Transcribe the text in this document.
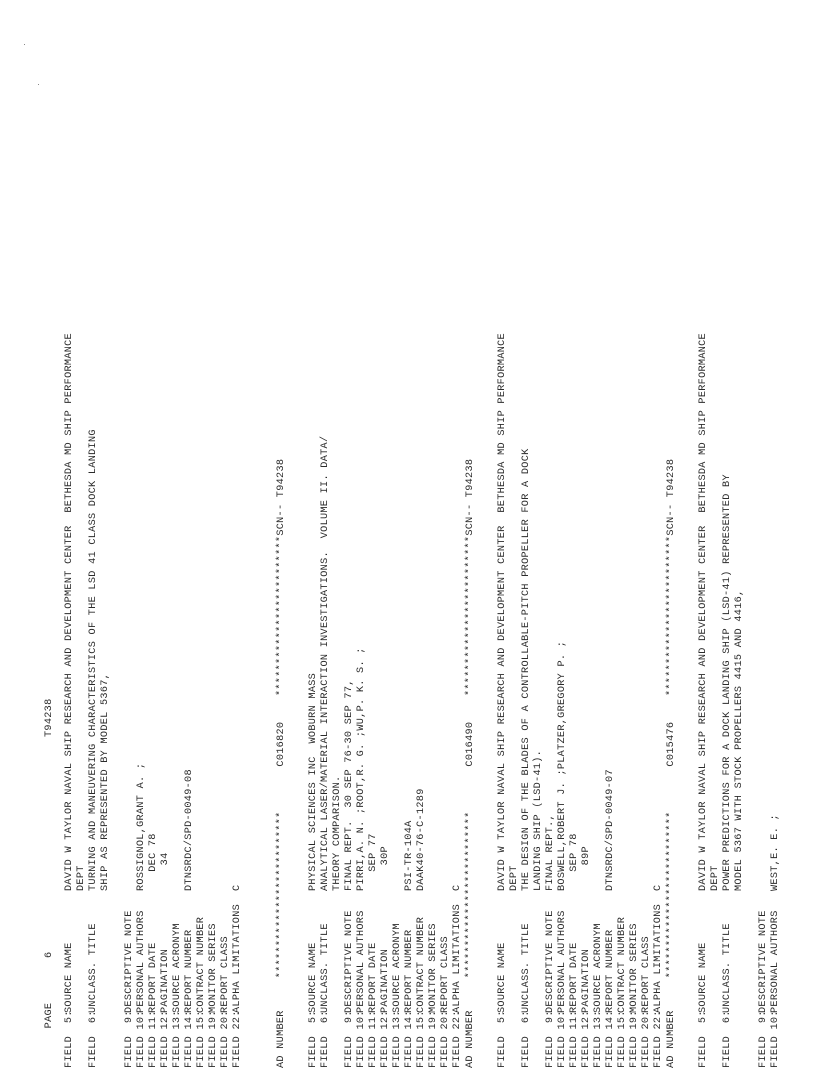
PAGE
6
T94238

FIELD  5:
SOURCE NAME
DAVID W TAYLOR NAVAL SHIP RESEARCH AND DEVELOPMENT CENTER  BETHESDA MD SHIP PERFORMANCE DEPT
FIELD  6:
UNCLASS. TITLE
TURNING AND MANEUVERING CHARACTERISTICS OF THE LSD 41 CLASS DOCK LANDING SHIP AS REPRESENTED BY MODEL 5367,
FIELD  9:
DESCRIPTIVE NOTE
FIELD 10:
PERSONAL AUTHORS
ROSSIGNOL,GRANT A. ;
FIELD 11:
REPORT DATE
DEC 78
FIELD 12:
PAGINATION
34
FIELD 13:
SOURCE ACRONYM
FIELD 14:
REPORT NUMBER
DTNSRDC/SPD-0049-08
FIELD 15:
CONTRACT NUMBER
FIELD 19:
MONITOR SERIES
FIELD 20:
REPORT CLASS
FIELD 22:
ALPHA LIMITATIONS
C	AD NUMBER     **************************       C016820    *************************SCN-- T94238 FIELD  5:
SOURCE NAME
PHYSICAL SCIENCES INC  WOBURN MASS
FIELD  6:
UNCLASS. TITLE
ANALYTICAL LASER/MATERIAL INTERACTION INVESTIGATIONS.  VOLUME II. DATA/ THEORY COMPARISON.
FIELD  9:
DESCRIPTIVE NOTE
FINAL REPT.  30 SEP 76-30 SEP 77,
FIELD 10:
PERSONAL AUTHORS
PIRRI,A. N. ;ROOT,R. G. ;WU,P. K. S. ;
FIELD 11:
REPORT DATE
SEP 77
FIELD 12:
PAGINATION
30P
FIELD 13:
SOURCE ACRONYM
FIELD 14:
REPORT NUMBER
PSI-TR-104A
FIELD 15:
CONTRACT NUMBER
DAAK40-76-C-1289
FIELD 19:
MONITOR SERIES
FIELD 20:
REPORT CLASS
FIELD 22:
ALPHA LIMITATIONS
C AD NUMBER     **************************       C016490    *************************SCN-- T94238 FIELD  5:
SOURCE NAME
DAVID W TAYLOR NAVAL SHIP RESEARCH AND DEVELOPMENT CENTER  BETHESDA MD SHIP PERFORMANCE DEPT
FIELD  6:
UNCLASS. TITLE
THE DESIGN OF THE BLADES OF A CONTROLLABLE-PITCH PROPELLER FOR A DOCK LANDING SHIP (LSD-41).
FIELD  9:
DESCRIPTIVE NOTE
FINAL REPT.,
FIELD 10:
PERSONAL AUTHORS
BOSWELL,ROBERT J. ;PLATZER,GREGORY P. ;
FIELD 11:
REPORT DATE
SEP 78
FIELD 12:
PAGINATION
89P
FIELD 13:
SOURCE ACRONYM
FIELD 14:
REPORT NUMBER
DTNSRDC/SPD-0049-07
FIELD 15:
CONTRACT NUMBER
FIELD 19:
MONITOR SERIES
FIELD 20:
REPORT CLASS
FIELD 22:
ALPHA LIMITATIONS
C AD NUMBER     **************************       C015476    *************************SCN-- T94238 FIELD  5:
SOURCE NAME
DAVID W TAYLOR NAVAL SHIP RESEARCH AND DEVELOPMENT CENTER  BETHESDA MD SHIP PERFORMANCE DEPT
FIELD  6:
UNCLASS. TITLE
POWER PREDICTIONS FOR A DOCK LANDING SHIP (LSD-41) REPRESENTED BY MODEL 5367 WITH STOCK PROPELLERS 4415 AND 4416,
FIELD  9:
DESCRIPTIVE NOTE
FIELD 10:
PERSONAL AUTHORS
WEST,E. E. ;
